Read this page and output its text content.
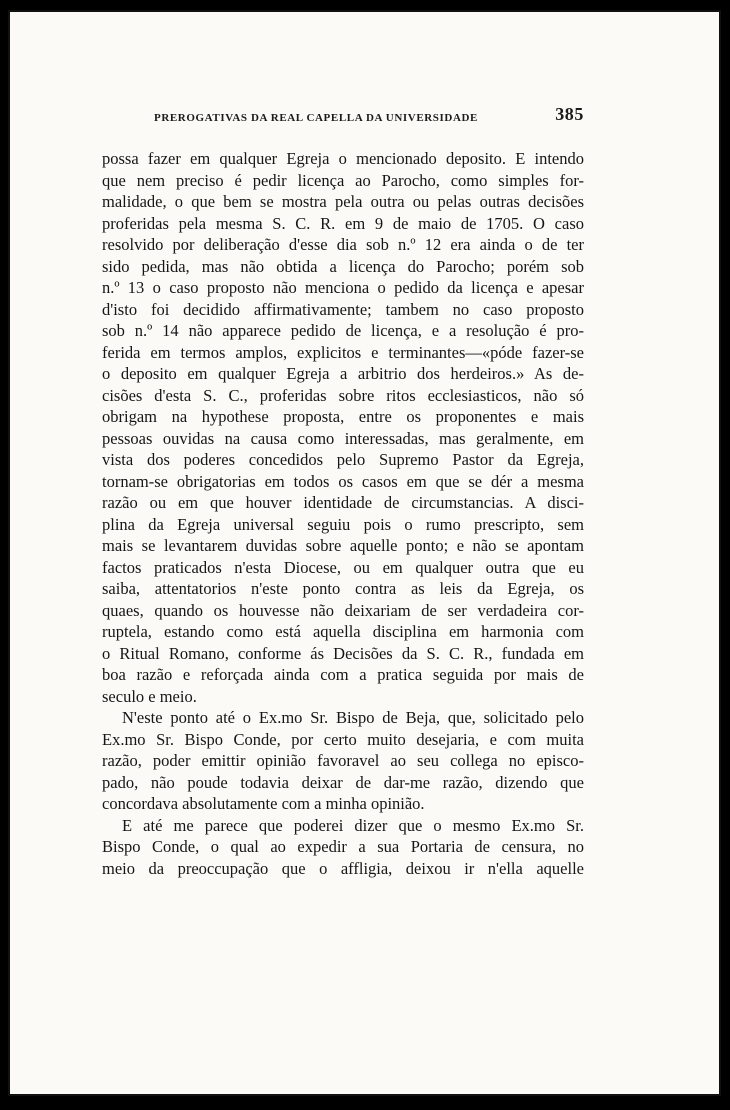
PREROGATIVAS DA REAL CAPELLA DA UNIVERSIDADE	385
possa fazer em qualquer Egreja o mencionado deposito. E intendo
que nem preciso é pedir licença ao Parocho, como simples for-
malidade, o que bem se mostra pela outra ou pelas outras decisões
proferidas pela mesma S. C. R. em 9 de maio de 1705. O caso
resolvido por deliberação d'esse dia sob n.º 12 era ainda o de ter
sido pedida, mas não obtida a licença do Parocho; porém sob
n.º 13 o caso proposto não menciona o pedido da licença e apesar
d'isto foi decidido affirmativamente; tambem no caso proposto
sob n.º 14 não apparece pedido de licença, e a resolução é pro-
ferida em termos amplos, explicitos e terminantes—«póde fazer-se
o deposito em qualquer Egreja a arbitrio dos herdeiros.» As de-
cisões d'esta S. C., proferidas sobre ritos ecclesiasticos, não só
obrigam na hypothese proposta, entre os proponentes e mais
pessoas ouvidas na causa como interessadas, mas geralmente, em
vista dos poderes concedidos pelo Supremo Pastor da Egreja,
tornam-se obrigatorias em todos os casos em que se dér a mesma
razão ou em que houver identidade de circumstancias. A disci-
plina da Egreja universal seguiu pois o rumo prescripto, sem
mais se levantarem duvidas sobre aquelle ponto; e não se apontam
factos praticados n'esta Diocese, ou em qualquer outra que eu
saiba, attentatorios n'este ponto contra as leis da Egreja, os
quaes, quando os houvesse não deixariam de ser verdadeira cor-
ruptela, estando como está aquella disciplina em harmonia com
o Ritual Romano, conforme ás Decisões da S. C. R., fundada em
boa razão e reforçada ainda com a pratica seguida por mais de
seculo e meio.
N'este ponto até o Ex.mo Sr. Bispo de Beja, que, solicitado pelo
Ex.mo Sr. Bispo Conde, por certo muito desejaria, e com muita
razão, poder emittir opinião favoravel ao seu collega no episco-
pado, não poude todavia deixar de dar-me razão, dizendo que
concordava absolutamente com a minha opinião.
E até me parece que poderei dizer que o mesmo Ex.mo Sr.
Bispo Conde, o qual ao expedir a sua Portaria de censura, no
meio da preoccupação que o affligia, deixou ir n'ella aquelle
